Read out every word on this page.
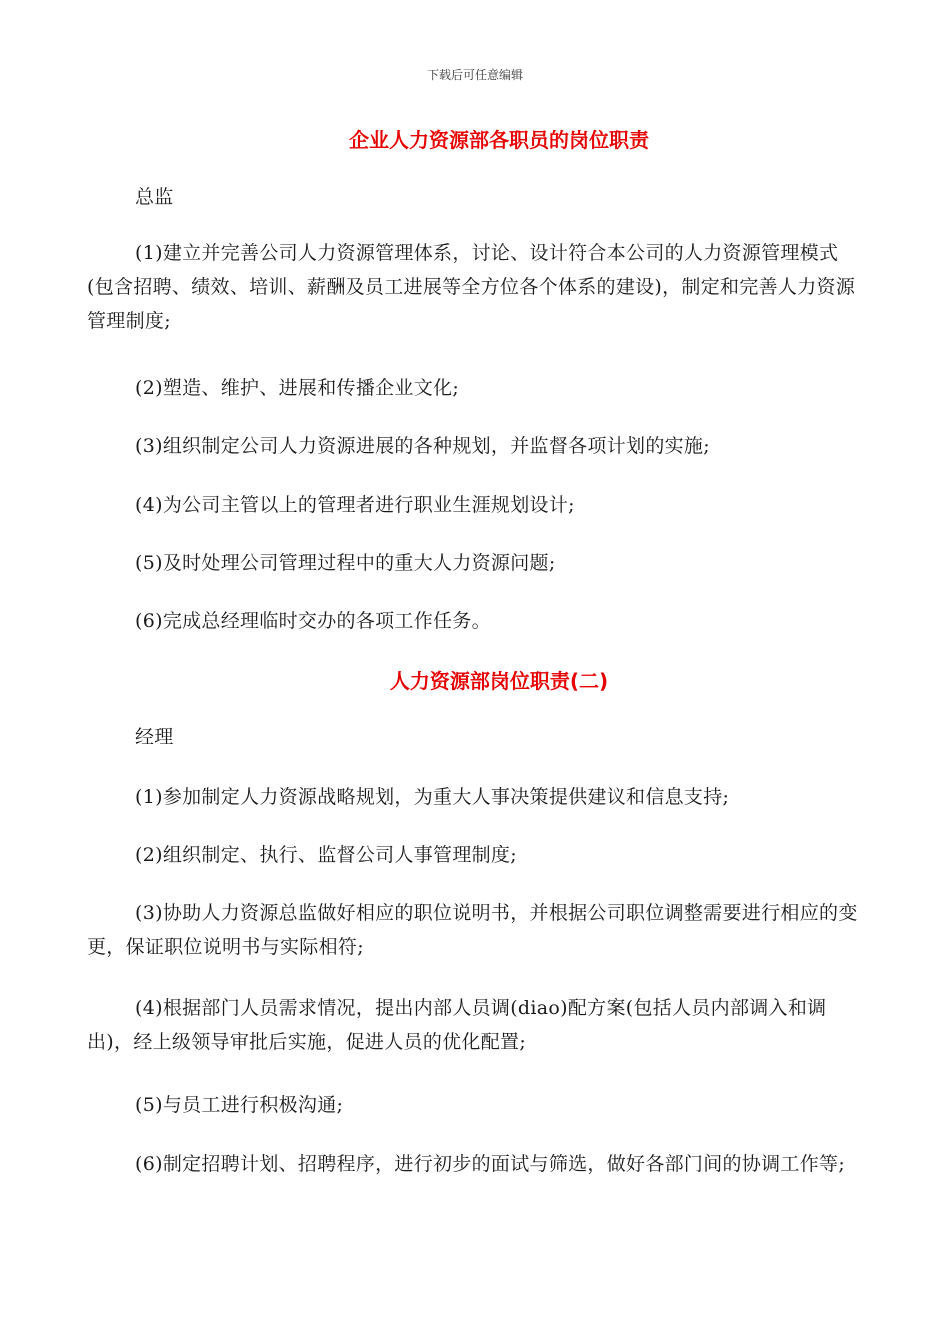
下载后可任意编辑
企业人力资源部各职员的岗位职责
总监
(1)建立并完善公司人力资源管理体系，讨论、设计符合本公司的人力资源管理模式(包含招聘、绩效、培训、薪酬及员工进展等全方位各个体系的建设)，制定和完善人力资源管理制度;
(2)塑造、维护、进展和传播企业文化;
(3)组织制定公司人力资源进展的各种规划，并监督各项计划的实施;
(4)为公司主管以上的管理者进行职业生涯规划设计;
(5)及时处理公司管理过程中的重大人力资源问题;
(6)完成总经理临时交办的各项工作任务。
人力资源部岗位职责(二)
经理
(1)参加制定人力资源战略规划，为重大人事决策提供建议和信息支持;
(2)组织制定、执行、监督公司人事管理制度;
(3)协助人力资源总监做好相应的职位说明书，并根据公司职位调整需要进行相应的变更，保证职位说明书与实际相符;
(4)根据部门人员需求情况，提出内部人员调(diao)配方案(包括人员内部调入和调出)，经上级领导审批后实施，促进人员的优化配置;
(5)与员工进行积极沟通;
(6)制定招聘计划、招聘程序，进行初步的面试与筛选，做好各部门间的协调工作等;
